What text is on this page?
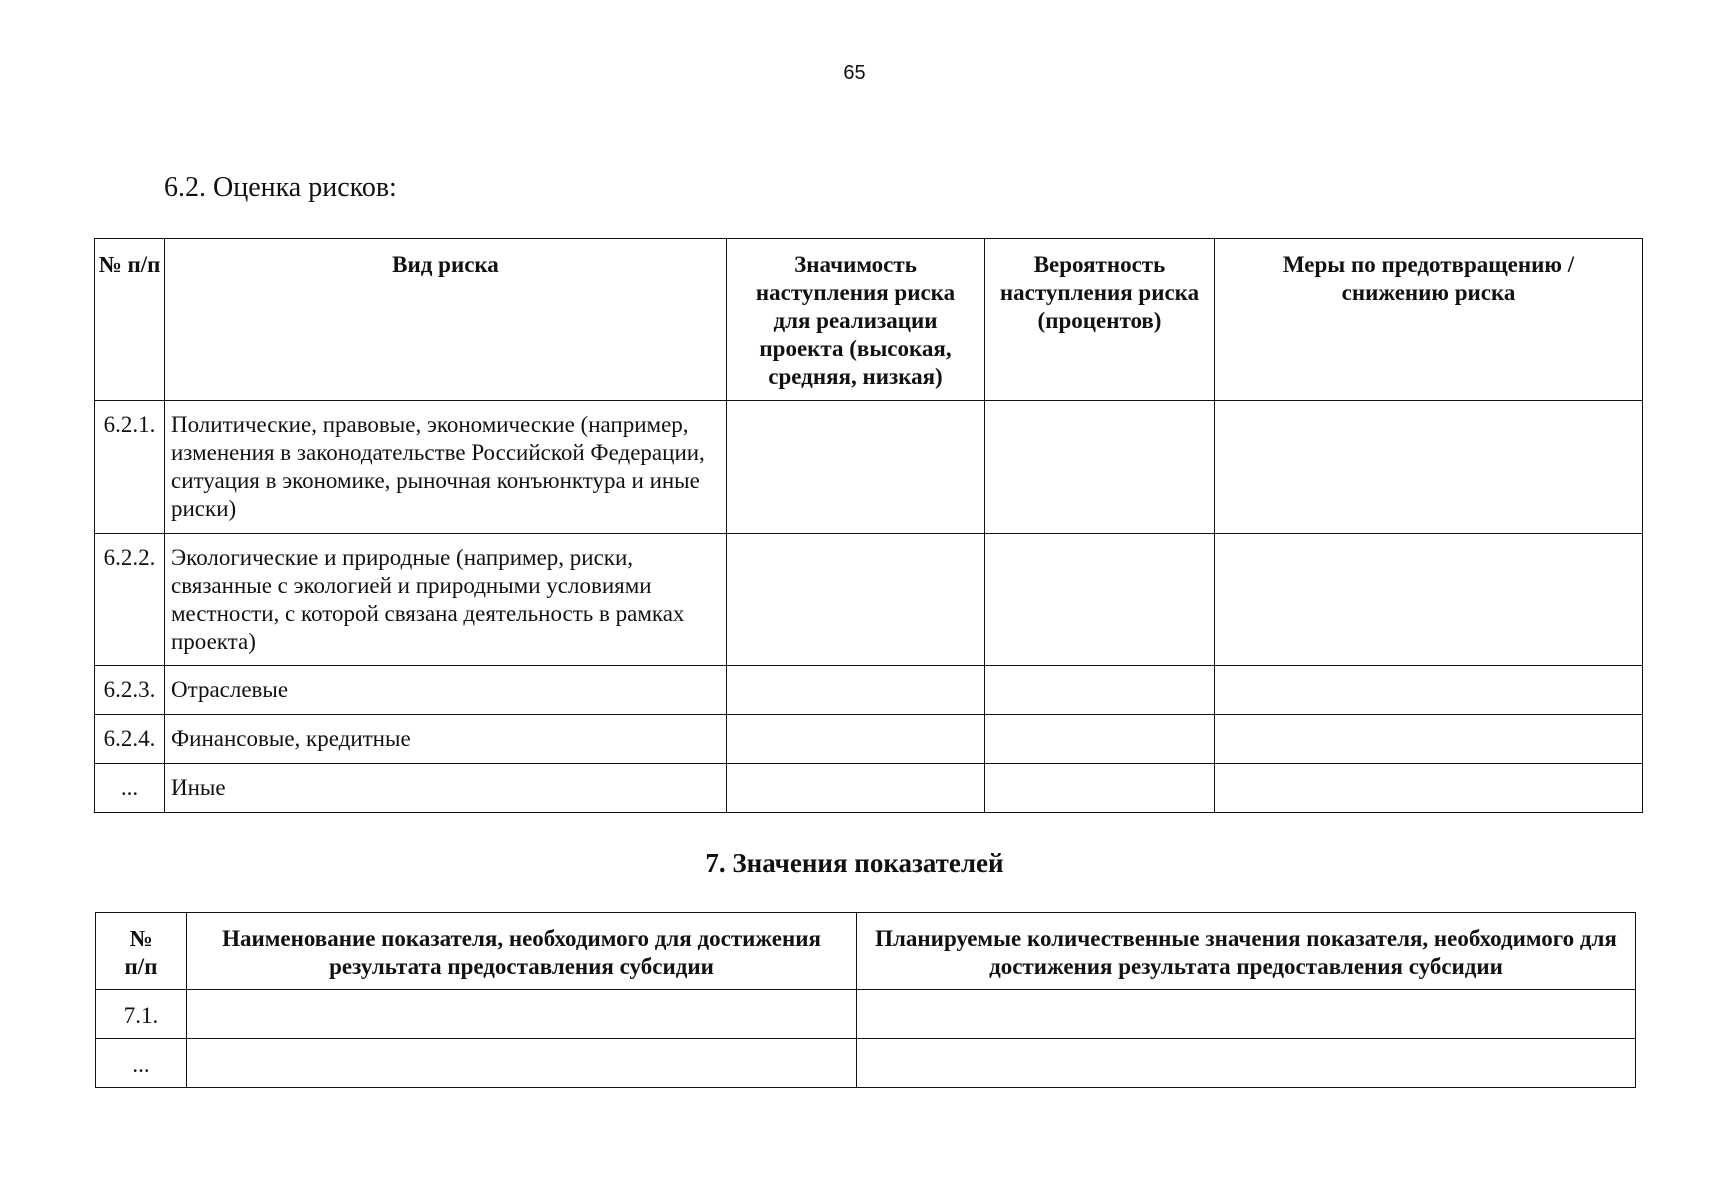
65
6.2. Оценка рисков:
№ п/п	Вид риска	Значимость наступления риска для реализации проекта (высокая, средняя, низкая)	Вероятность наступления риска (процентов)	Меры по предотвращению / снижению риска
6.2.1.	Политические, правовые, экономические (например, изменения в законодательстве Российской Федерации, ситуация в экономике, рыночная конъюнктура и иные риски)			
6.2.2.	Экологические и природные (например, риски, связанные с экологией и природными условиями местности, с которой связана деятельность в рамках проекта)			
6.2.3.	Отраслевые			
6.2.4.	Финансовые, кредитные			
...	Иные			
7. Значения показателей
№ п/п	Наименование показателя, необходимого для достижения результата предоставления субсидии	Планируемые количественные значения показателя, необходимого для достижения результата предоставления субсидии
7.1.		
...		
